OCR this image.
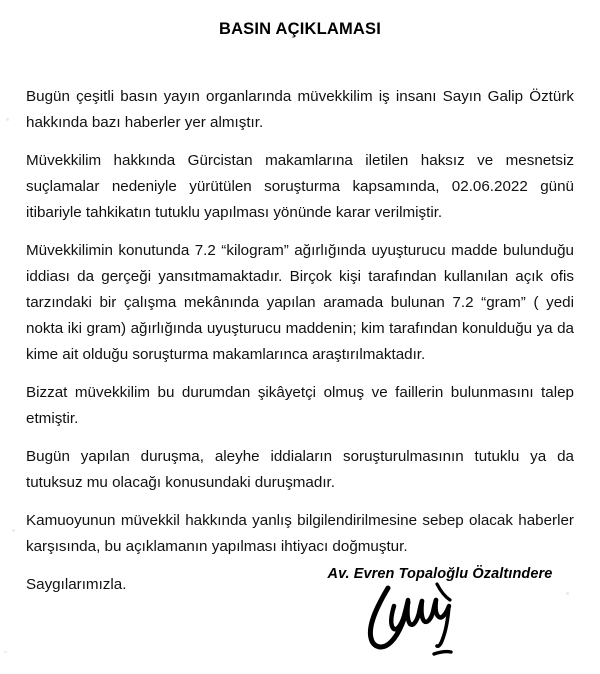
BASIN AÇIKLAMASI

Bugün çeşitli basın yayın organlarında müvekkilim iş insanı Sayın Galip Öztürk hakkında bazı haberler yer almıştır.

Müvekkilim hakkında Gürcistan makamlarına iletilen haksız ve mesnetsiz suçlamalar nedeniyle yürütülen soruşturma kapsamında, 02.06.2022 günü itibariyle tahkikatın tutuklu yapılması yönünde karar verilmiştir.

Müvekkilimin konutunda 7.2 “kilogram” ağırlığında uyuşturucu madde bulunduğu iddiası da gerçeği yansıtmamaktadır. Birçok kişi tarafından kullanılan açık ofis tarzındaki bir çalışma mekânında yapılan aramada bulunan 7.2 “gram” ( yedi nokta iki gram) ağırlığında uyuşturucu maddenin; kim tarafından konulduğu ya da kime ait olduğu soruşturma makamlarınca araştırılmaktadır.

Bizzat müvekkilim bu durumdan şikâyetçi olmuş ve faillerin bulunmasını talep etmiştir.

Bugün yapılan duruşma, aleyhe iddiaların soruşturulmasının tutuklu ya da tutuksuz mu olacağı konusundaki duruşmadır.

Kamuoyunun müvekkil hakkında yanlış bilgilendirilmesine sebep olacak haberler karşısında, bu açıklamanın yapılması ihtiyacı doğmuştur.

Saygılarımızla.

Av. Evren Topaloğlu Özaltındere
